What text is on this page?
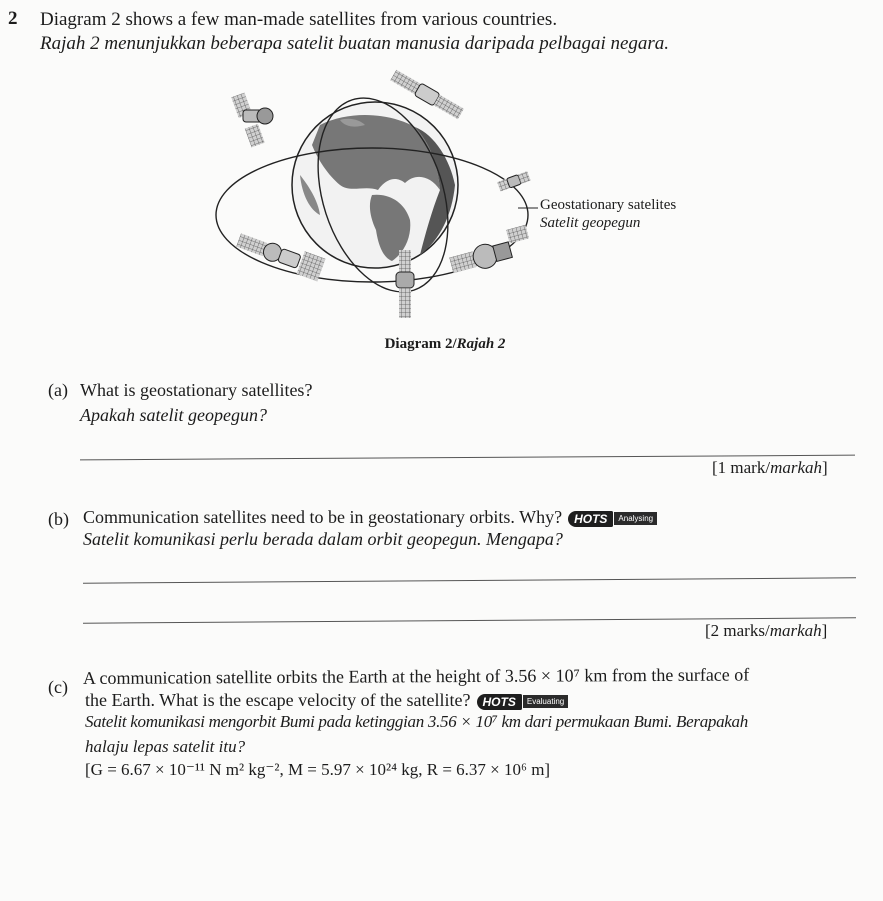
2 Diagram 2 shows a few man-made satellites from various countries.
Rajah 2 menunjukkan beberapa satelit buatan manusia daripada pelbagai negara.
Geostationary satelites
Satelit geopegun
Diagram 2/Rajah 2
(a) What is geostationary satellites?
Apakah satelit geopegun?
[1 mark/markah]
(b) Communication satellites need to be in geostationary orbits. Why?	HOTS	Analysing
Satelit komunikasi perlu berada dalam orbit geopegun. Mengapa?
[2 marks/markah]
(c) A communication satellite orbits the Earth at the height of 3.56 × 10⁷ km from the surface of
the Earth. What is the escape velocity of the satellite?	HOTS	Evaluating
Satelit komunikasi mengorbit Bumi pada ketinggian 3.56 × 10⁷ km dari permukaan Bumi. Berapakah
halaju lepas satelit itu?
[G = 6.67 × 10⁻¹¹ N m² kg⁻², M = 5.97 × 10²⁴ kg, R = 6.37 × 10⁶ m]
